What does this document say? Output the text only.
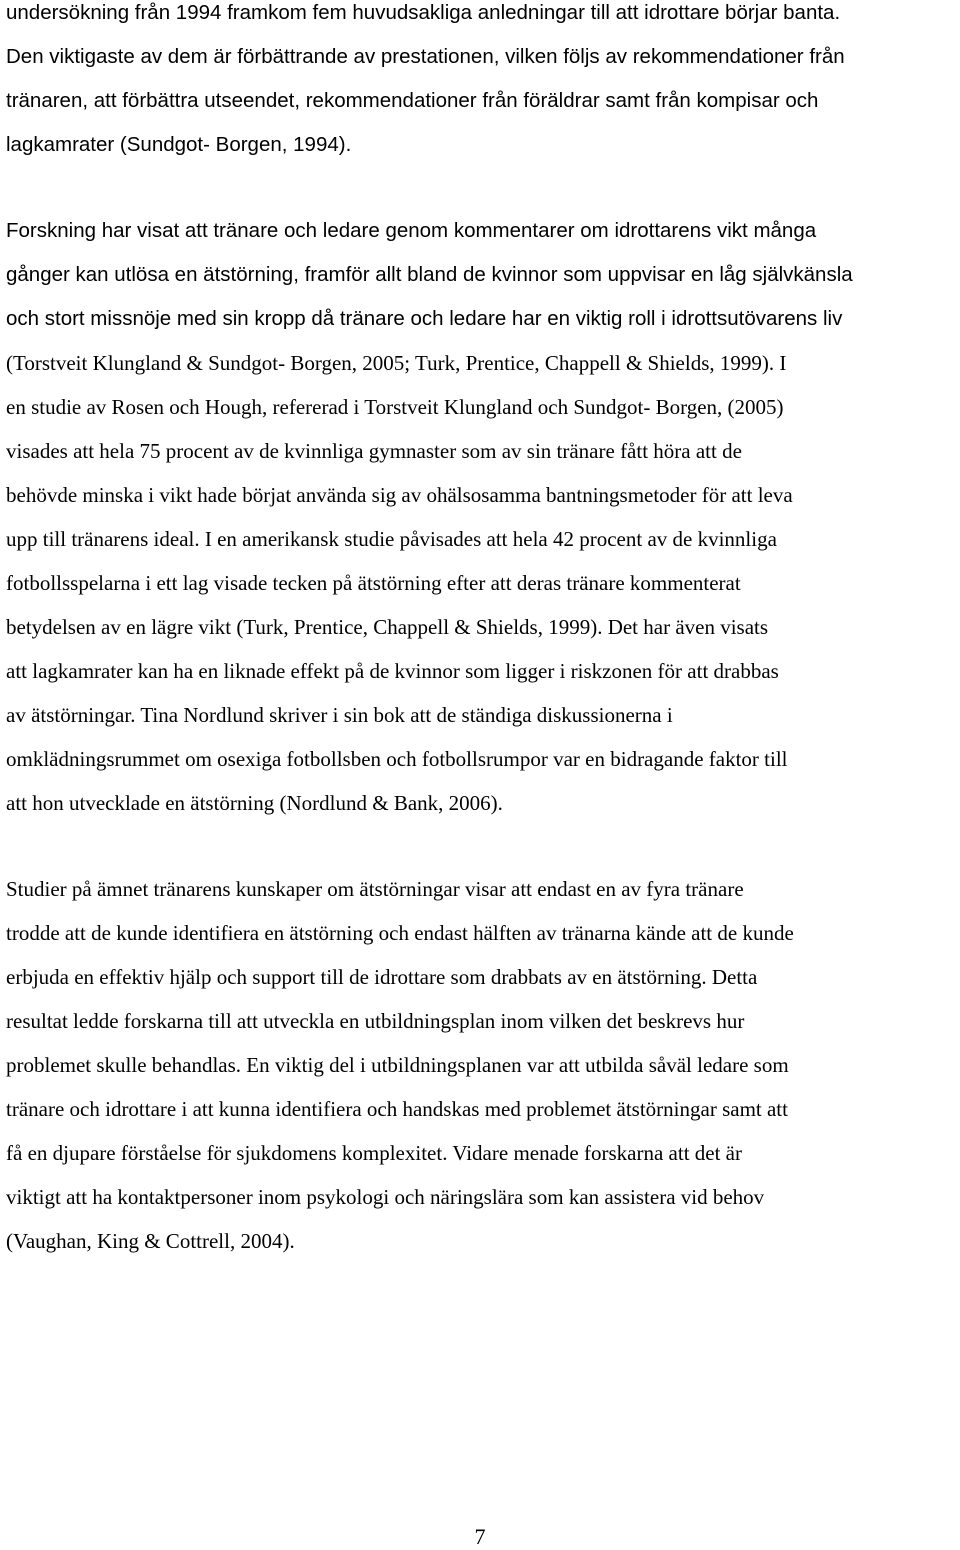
undersökning från 1994 framkom fem huvudsakliga anledningar till att idrottare börjar banta.
Den viktigaste av dem är förbättrande av prestationen, vilken följs av rekommendationer från
tränaren, att förbättra utseendet, rekommendationer från föräldrar samt från kompisar och
lagkamrater (Sundgot- Borgen, 1994).
Forskning har visat att tränare och ledare genom kommentarer om idrottarens vikt många
gånger kan utlösa en ätstörning, framför allt bland de kvinnor som uppvisar en låg självkänsla
och stort missnöje med sin kropp då tränare och ledare har en viktig roll i idrottsutövarens liv
(Torstveit Klungland & Sundgot- Borgen, 2005; Turk, Prentice, Chappell & Shields, 1999). I
en studie av Rosen och Hough, refererad i Torstveit Klungland och Sundgot- Borgen, (2005)
visades att hela 75 procent av de kvinnliga gymnaster som av sin tränare fått höra att de
behövde minska i vikt hade börjat använda sig av ohälsosamma bantningsmetoder för att leva
upp till tränarens ideal. I en amerikansk studie påvisades att hela 42 procent av de kvinnliga
fotbollsspelarna i ett lag visade tecken på ätstörning efter att deras tränare kommenterat
betydelsen av en lägre vikt (Turk, Prentice, Chappell & Shields, 1999). Det har även visats
att lagkamrater kan ha en liknade effekt på de kvinnor som ligger i riskzonen för att drabbas
av ätstörningar. Tina Nordlund skriver i sin bok att de ständiga diskussionerna i
omklädningsrummet om osexiga fotbollsben och fotbollsrumpor var en bidragande faktor till
att hon utvecklade en ätstörning (Nordlund & Bank, 2006).
Studier på ämnet tränarens kunskaper om ätstörningar visar att endast en av fyra tränare
trodde att de kunde identifiera en ätstörning och endast hälften av tränarna kände att de kunde
erbjuda en effektiv hjälp och support till de idrottare som drabbats av en ätstörning. Detta
resultat ledde forskarna till att utveckla en utbildningsplan inom vilken det beskrevs hur
problemet skulle behandlas. En viktig del i utbildningsplanen var att utbilda såväl ledare som
tränare och idrottare i att kunna identifiera och handskas med problemet ätstörningar samt att
få en djupare förståelse för sjukdomens komplexitet. Vidare menade forskarna att det är
viktigt att ha kontaktpersoner inom psykologi och näringslära som kan assistera vid behov
(Vaughan, King & Cottrell, 2004).
7
